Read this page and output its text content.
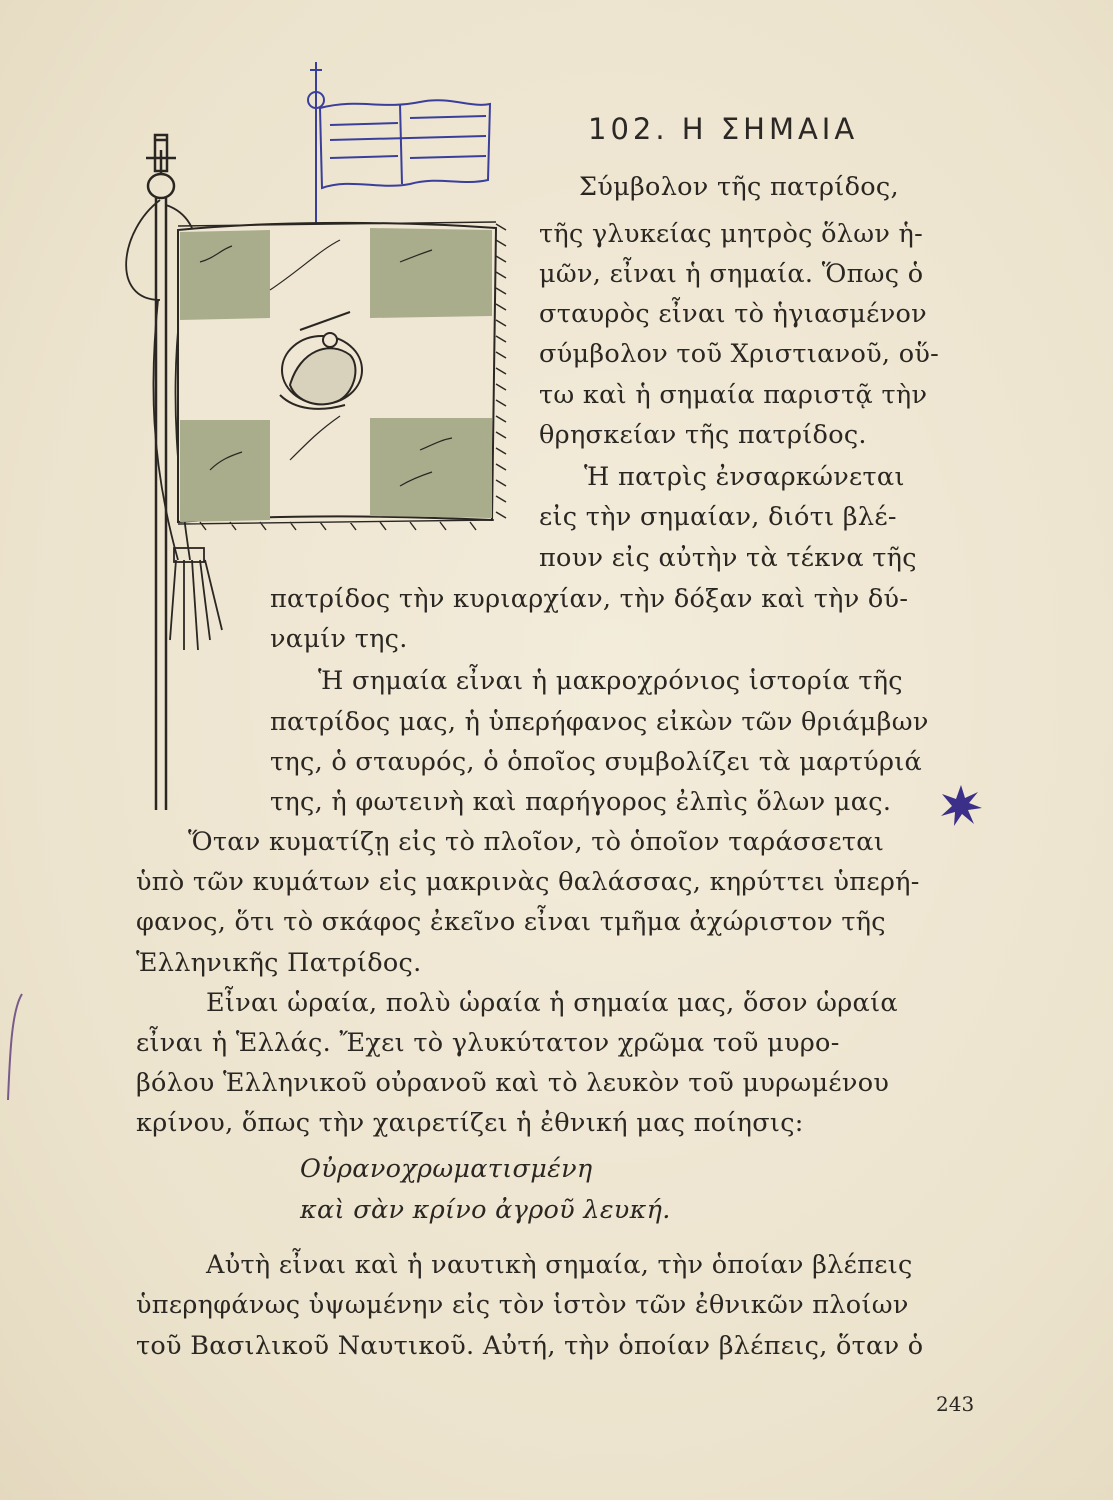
102. Η ΣΗΜΑΙΑ

Σύμβολον τῆς πατρίδος,

τῆς γλυκείας μητρὸς ὅλων ἡ-

μῶν, εἶναι ἡ σημαία. Ὅπως ὁ

σταυρὸς εἶναι τὸ ἡγιασμένον

σύμβολον τοῦ Χριστιανοῦ, οὕ-

τω καὶ ἡ σημαία παριστᾷ τὴν

θρησκείαν τῆς πατρίδος.

Ἡ πατρὶς ἐνσαρκώνεται

εἰς τὴν σημαίαν, διότι βλέ-

πουν εἰς αὐτὴν τὰ τέκνα τῆς

πατρίδος τὴν κυριαρχίαν, τὴν δόξαν καὶ τὴν δύ-

ναμίν της.

Ἡ σημαία εἶναι ἡ μακροχρόνιος ἱστορία τῆς

πατρίδος μας, ἡ ὑπερήφανος εἰκὼν τῶν θριάμβων

της, ὁ σταυρός, ὁ ὁποῖος συμβολίζει τὰ μαρτύριά

της, ἡ φωτεινὴ καὶ παρήγορος ἐλπὶς ὅλων μας.

Ὅταν κυματίζῃ εἰς τὸ πλοῖον, τὸ ὁποῖον ταράσσεται

ὑπὸ τῶν κυμάτων εἰς μακρινὰς θαλάσσας, κηρύττει ὑπερή-

φανος, ὅτι τὸ σκάφος ἐκεῖνο εἶναι τμῆμα ἀχώριστον τῆς

Ἑλληνικῆς Πατρίδος.

Εἶναι ὡραία, πολὺ ὡραία ἡ σημαία μας, ὅσον ὡραία

εἶναι ἡ Ἑλλάς. Ἔχει τὸ γλυκύτατον χρῶμα τοῦ μυρο-

βόλου Ἑλληνικοῦ οὐρανοῦ καὶ τὸ λευκὸν τοῦ μυρωμένου

κρίνου, ὅπως τὴν χαιρετίζει ἡ ἐθνική μας ποίησις:

Οὐρανοχρωματισμένη

καὶ σὰν κρίνο ἀγροῦ λευκή.

Αὐτὴ εἶναι καὶ ἡ ναυτικὴ σημαία, τὴν ὁποίαν βλέπεις

ὑπερηφάνως ὑψωμένην εἰς τὸν ἱστὸν τῶν ἐθνικῶν πλοίων

τοῦ Βασιλικοῦ Ναυτικοῦ. Αὐτή, τὴν ὁποίαν βλέπεις, ὅταν ὁ

243
